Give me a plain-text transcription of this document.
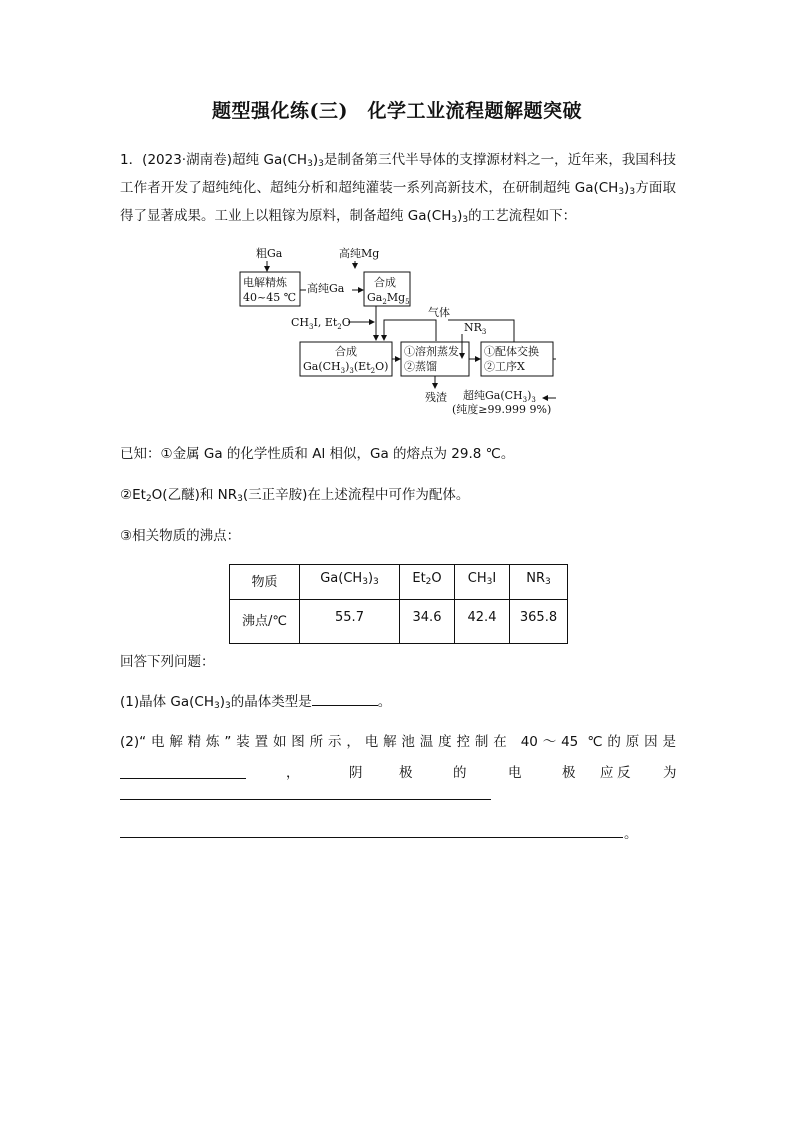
题型强化练(三)　化学工业流程题解题突破
1．(2023·湖南卷)超纯 $Ga(CH_3)_3$是制备第三代半导体的支撑源材料之一，近年来，我国科技工作者开发了超纯纯化、超纯分析和超纯灌装一系列高新技术，在研制超纯 $Ga(CH_3)_3$方面取得了显著成果。工业上以粗镓为原料，制备超纯 $Ga(CH_3)_3$的工艺流程如下：
粗Ga
电解精炼
40~45 ℃
高纯Ga
高纯Mg
合成
$Ga_2Mg_5$
$CH_3I$, $Et_2O$
气体
合成
$Ga(CH_3)_3(Et_2O)$
①溶剂蒸发
②蒸馏
$NR_3$
①配体交换
②工序X
残渣 超纯$Ga(CH_3)_3$
(纯度≥99.999 9%)
已知：①金属 Ga 的化学性质和 Al 相似，Ga 的熔点为 29.8 ℃。
$②Et_2O$(乙醚)和 $NR_3$(三正辛胺)在上述流程中可作为配体。
③相关物质的沸点：
物质	$Ga(CH_3)_3$	$Et_2O$	$CH_3I$	$NR_3$
沸点/℃	55.7	34.6	42.4	365.8
回答下列问题：
(1)晶体 $Ga(CH_3)_3$的晶体类型是	。
(2)“电解精炼”装置如图所示，电解池温度控制在 40～45 ℃的原因是
，	阴	极	的	电	极	反
应	为
。
